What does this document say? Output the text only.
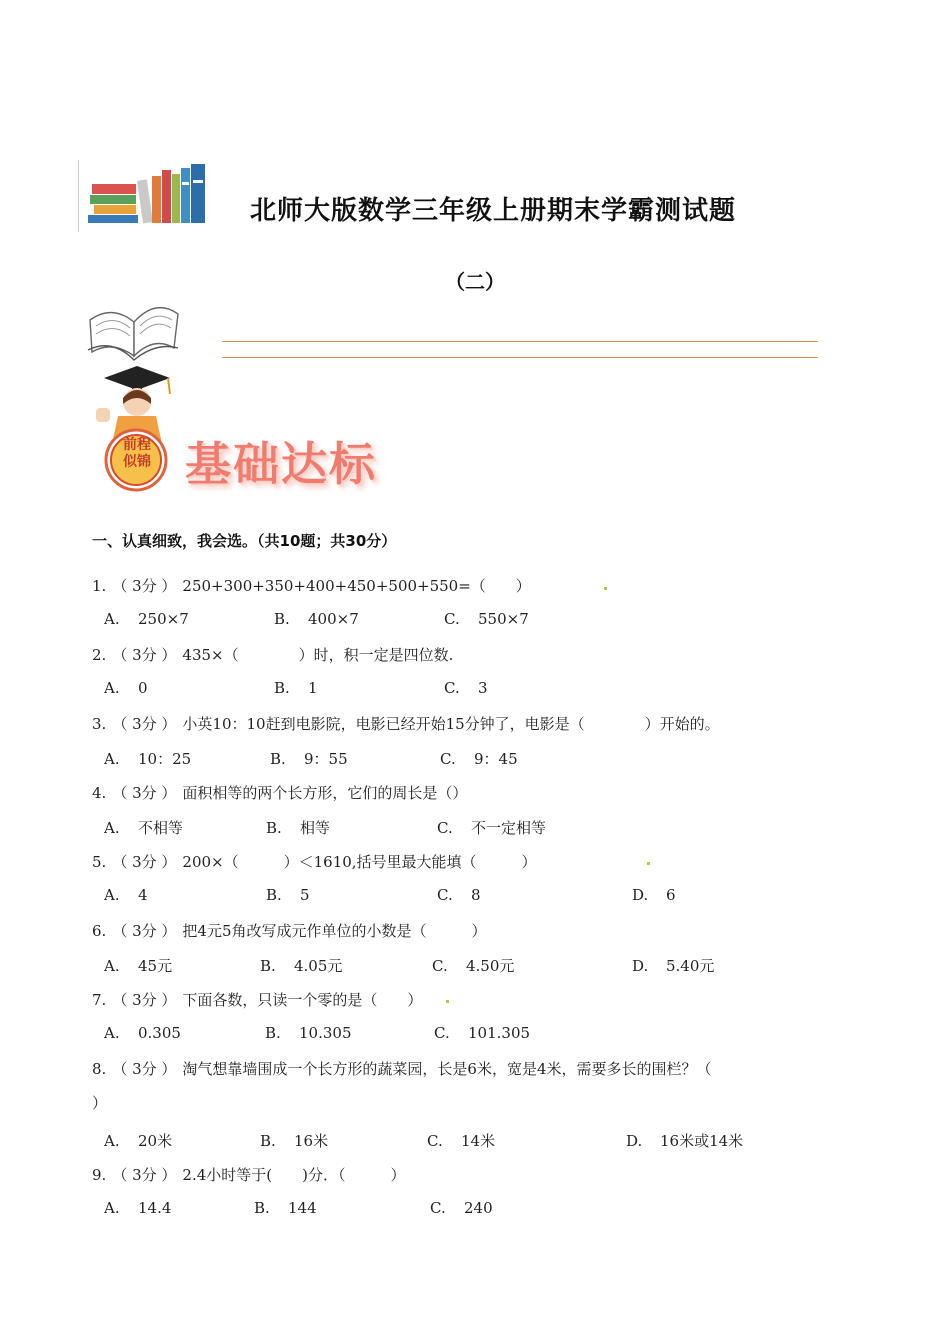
北师大版数学三年级上册期末学霸测试题
（二）
前程
似锦 基础达标
一、认真细致，我会选。（共10题；共30分）
1. （ 3分 ） 250+300+350+400+450+500+550=（　　）
A. 250×7	B. 400×7	C. 550×7
2. （ 3分 ） 435×（　　　　）时，积一定是四位数.
A. 0	B. 1	C. 3
3. （ 3分 ） 小英10：10赶到电影院，电影已经开始15分钟了，电影是（　　　　）开始的。
A. 10：25	B. 9：55	C. 9：45
4. （ 3分 ） 面积相等的两个长方形，它们的周长是（）
A. 不相等	B. 相等	C. 不一定相等
5. （ 3分 ） 200×（　　　）＜1610,括号里最大能填（　　　）
A. 4	B. 5	C. 8	D. 6
6. （ 3分 ） 把4元5角改写成元作单位的小数是（　　　）
A. 45元	B. 4.05元	C. 4.50元	D. 5.40元
7. （ 3分 ） 下面各数，只读一个零的是（　　）
A. 0.305	B. 10.305	C. 101.305
8. （ 3分 ） 淘气想靠墙围成一个长方形的蔬菜园，长是6米，宽是4米，需要多长的围栏？（
）
A. 20米	B. 16米	C. 14米	D. 16米或14米
9. （ 3分 ） 2.4小时等于(　　)分．（　　　）
A. 14.4	B. 144	C. 240
